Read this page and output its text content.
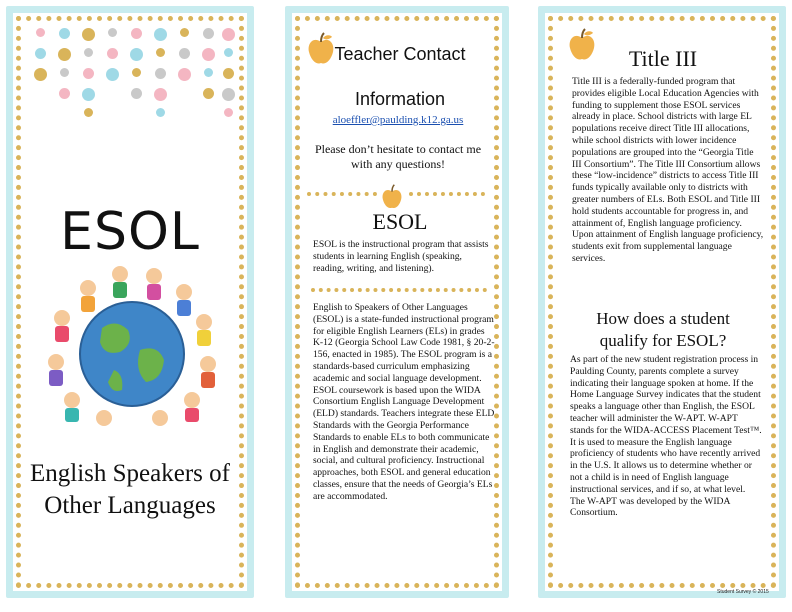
ESOL
English Speakers of Other Languages
Teacher Contact
Information
aloeffler@paulding.k12.ga.us
Please don’t hesitate to contact me with any questions!
ESOL
ESOL is the instructional program that assists students in learning English (speaking, reading, writing, and listening).
English to Speakers of Other Languages (ESOL) is a state-funded instructional program for eligible English Learners (ELs) in grades K-12 (Georgia School Law Code 1981, § 20-2-156, enacted in 1985). The ESOL program is a standards-based curriculum emphasizing academic and social language development. ESOL coursework is based upon the WIDA Consortium English Language Development (ELD) standards. Teachers integrate these ELD Standards with the Georgia Performance Standards to enable ELs to both communicate in English and demonstrate their academic, social, and cultural proficiency. Instructional approaches, both ESOL and general education classes, ensure that the needs of Georgia’s ELs are accommodated.
Title III
Title III is a federally-funded program that provides eligible Local Education Agencies with funding to supplement those ESOL services already in place. School districts with large EL populations receive direct Title III allocations, while school districts with lower incidence populations are grouped into the “Georgia Title III Consortium”. The Title III Consortium allows these “low-incidence” districts to access Title III funds typically available only to districts with greater numbers of ELs. Both ESOL and Title III hold students accountable for progress in, and attainment of, English language proficiency. Upon attainment of English language proficiency, students exit from supplemental language services.
How does a student qualify for ESOL?
As part of the new student registration process in Paulding County, parents complete a survey indicating their language spoken at home. If the Home Language Survey indicates that the student speaks a language other than English, the ESOL teacher will administer the W-APT. W-APT stands for the WIDA-ACCESS Placement Test™. It is used to measure the English language proficiency of students who have recently arrived in the U.S. It allows us to determine whether or not a child is in need of English language instructional services, and if so, at what level. The W-APT was developed by the WIDA Consortium.
Student Survey © 2015
